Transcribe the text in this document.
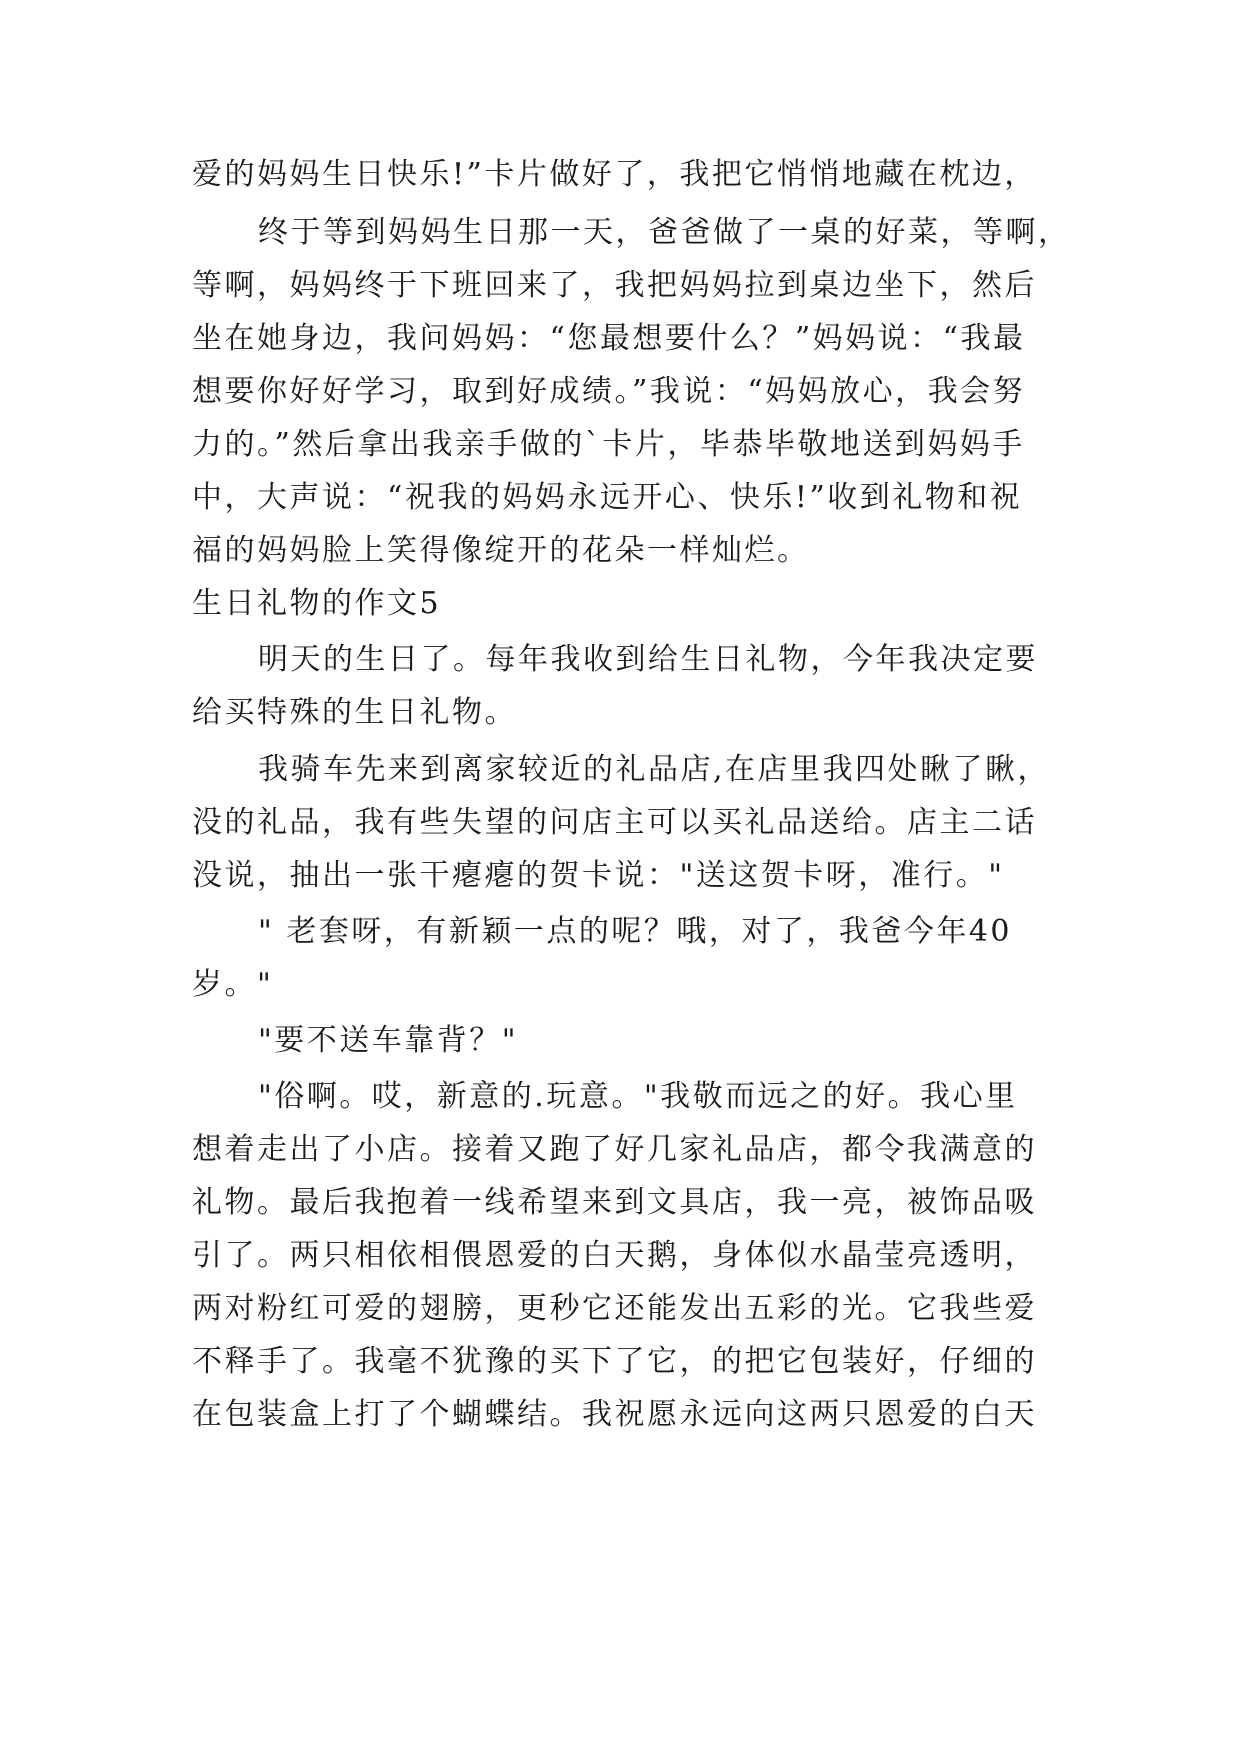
爱的妈妈生日快乐!”卡片做好了，我把它悄悄地藏在枕边，

终于等到妈妈生日那一天，爸爸做了一桌的好菜，等啊，

等啊，妈妈终于下班回来了，我把妈妈拉到桌边坐下，然后

坐在她身边，我问妈妈：“您最想要什么？”妈妈说：“我最

想要你好好学习，取到好成绩。”我说：“妈妈放心，我会努

力的。”然后拿出我亲手做的`卡片，毕恭毕敬地送到妈妈手

中，大声说：“祝我的妈妈永远开心、快乐!”收到礼物和祝

福的妈妈脸上笑得像绽开的花朵一样灿烂。

生日礼物的作文5

明天的生日了。每年我收到给生日礼物，今年我决定要

给买特殊的生日礼物。

我骑车先来到离家较近的礼品店,在店里我四处瞅了瞅，

没的礼品，我有些失望的问店主可以买礼品送给。店主二话

没说，抽出一张干瘪瘪的贺卡说："送这贺卡呀，准行。"

" 老套呀，有新颖一点的呢？哦，对了，我爸今年40

岁。"

"要不送车靠背？"

"俗啊。哎，新意的.玩意。"我敬而远之的好。我心里

想着走出了小店。接着又跑了好几家礼品店，都令我满意的

礼物。最后我抱着一线希望来到文具店，我一亮，被饰品吸

引了。两只相依相偎恩爱的白天鹅，身体似水晶莹亮透明，

两对粉红可爱的翅膀，更秒它还能发出五彩的光。它我些爱

不释手了。我毫不犹豫的买下了它，的把它包装好，仔细的

在包装盒上打了个蝴蝶结。我祝愿永远向这两只恩爱的白天
